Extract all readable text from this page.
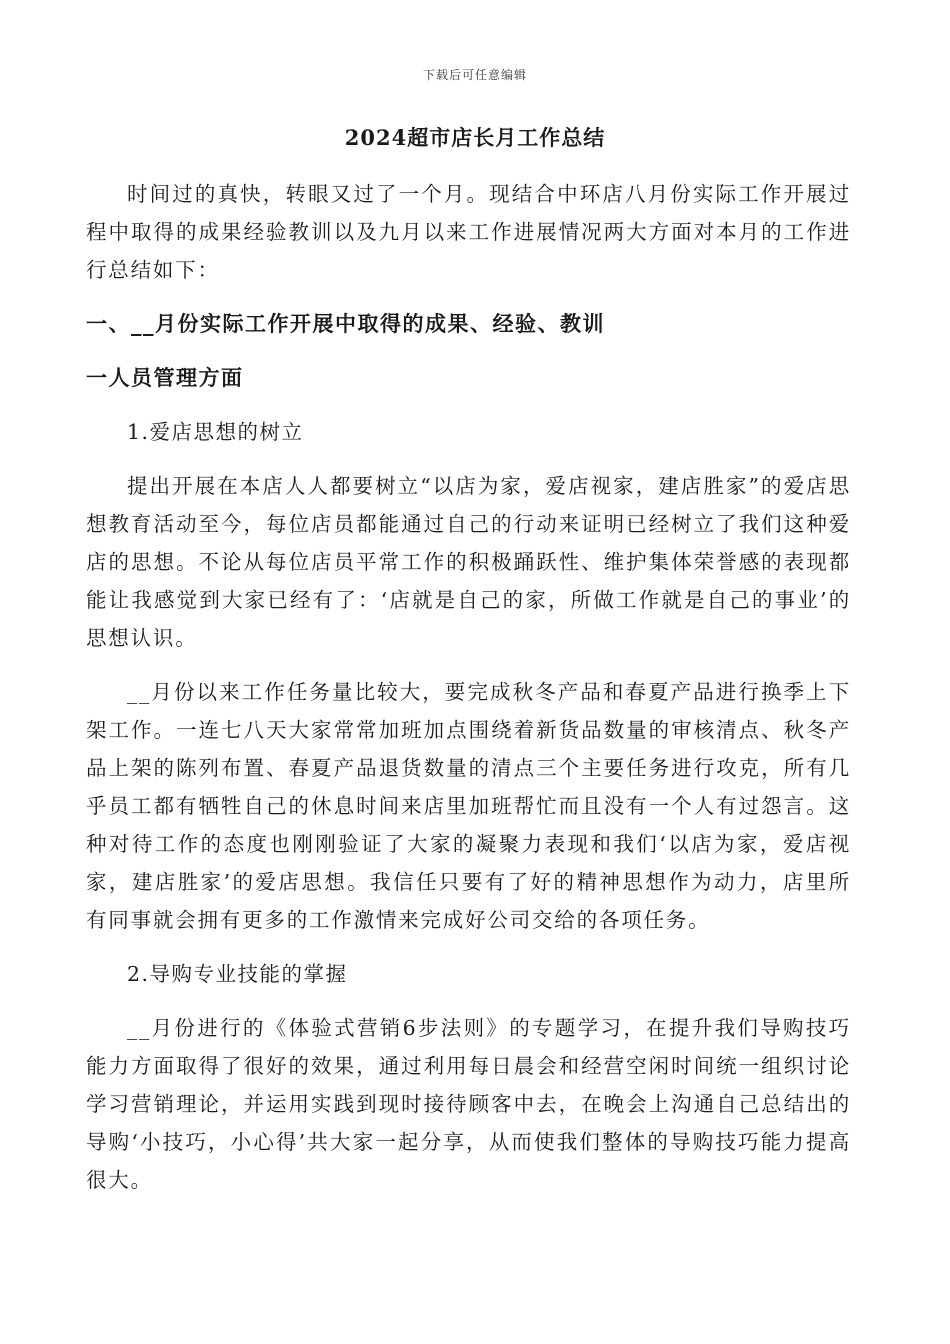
下载后可任意编辑
2024超市店长月工作总结

时间过的真快，转眼又过了一个月。现结合中环店八月份实际工作开展过程中取得的成果经验教训以及九月以来工作进展情况两大方面对本月的工作进行总结如下：

一、__月份实际工作开展中取得的成果、经验、教训
一人员管理方面
1.爱店思想的树立

提出开展在本店人人都要树立“以店为家，爱店视家，建店胜家”的爱店思想教育活动至今，每位店员都能通过自己的行动来证明已经树立了我们这种爱店的思想。不论从每位店员平常工作的积极踊跃性、维护集体荣誉感的表现都能让我感觉到大家已经有了：‘店就是自己的家，所做工作就是自己的事业’的思想认识。

__月份以来工作任务量比较大，要完成秋冬产品和春夏产品进行换季上下架工作。一连七八天大家常常加班加点围绕着新货品数量的审核清点、秋冬产品上架的陈列布置、春夏产品退货数量的清点三个主要任务进行攻克，所有几乎员工都有牺牲自己的休息时间来店里加班帮忙而且没有一个人有过怨言。这种对待工作的态度也刚刚验证了大家的凝聚力表现和我们‘以店为家，爱店视家，建店胜家’的爱店思想。我信任只要有了好的精神思想作为动力，店里所有同事就会拥有更多的工作激情来完成好公司交给的各项任务。

2.导购专业技能的掌握

__月份进行的《体验式营销6步法则》的专题学习，在提升我们导购技巧能力方面取得了很好的效果，通过利用每日晨会和经营空闲时间统一组织讨论学习营销理论，并运用实践到现时接待顾客中去，在晚会上沟通自己总结出的导购‘小技巧，小心得’共大家一起分享，从而使我们整体的导购技巧能力提高很大。
